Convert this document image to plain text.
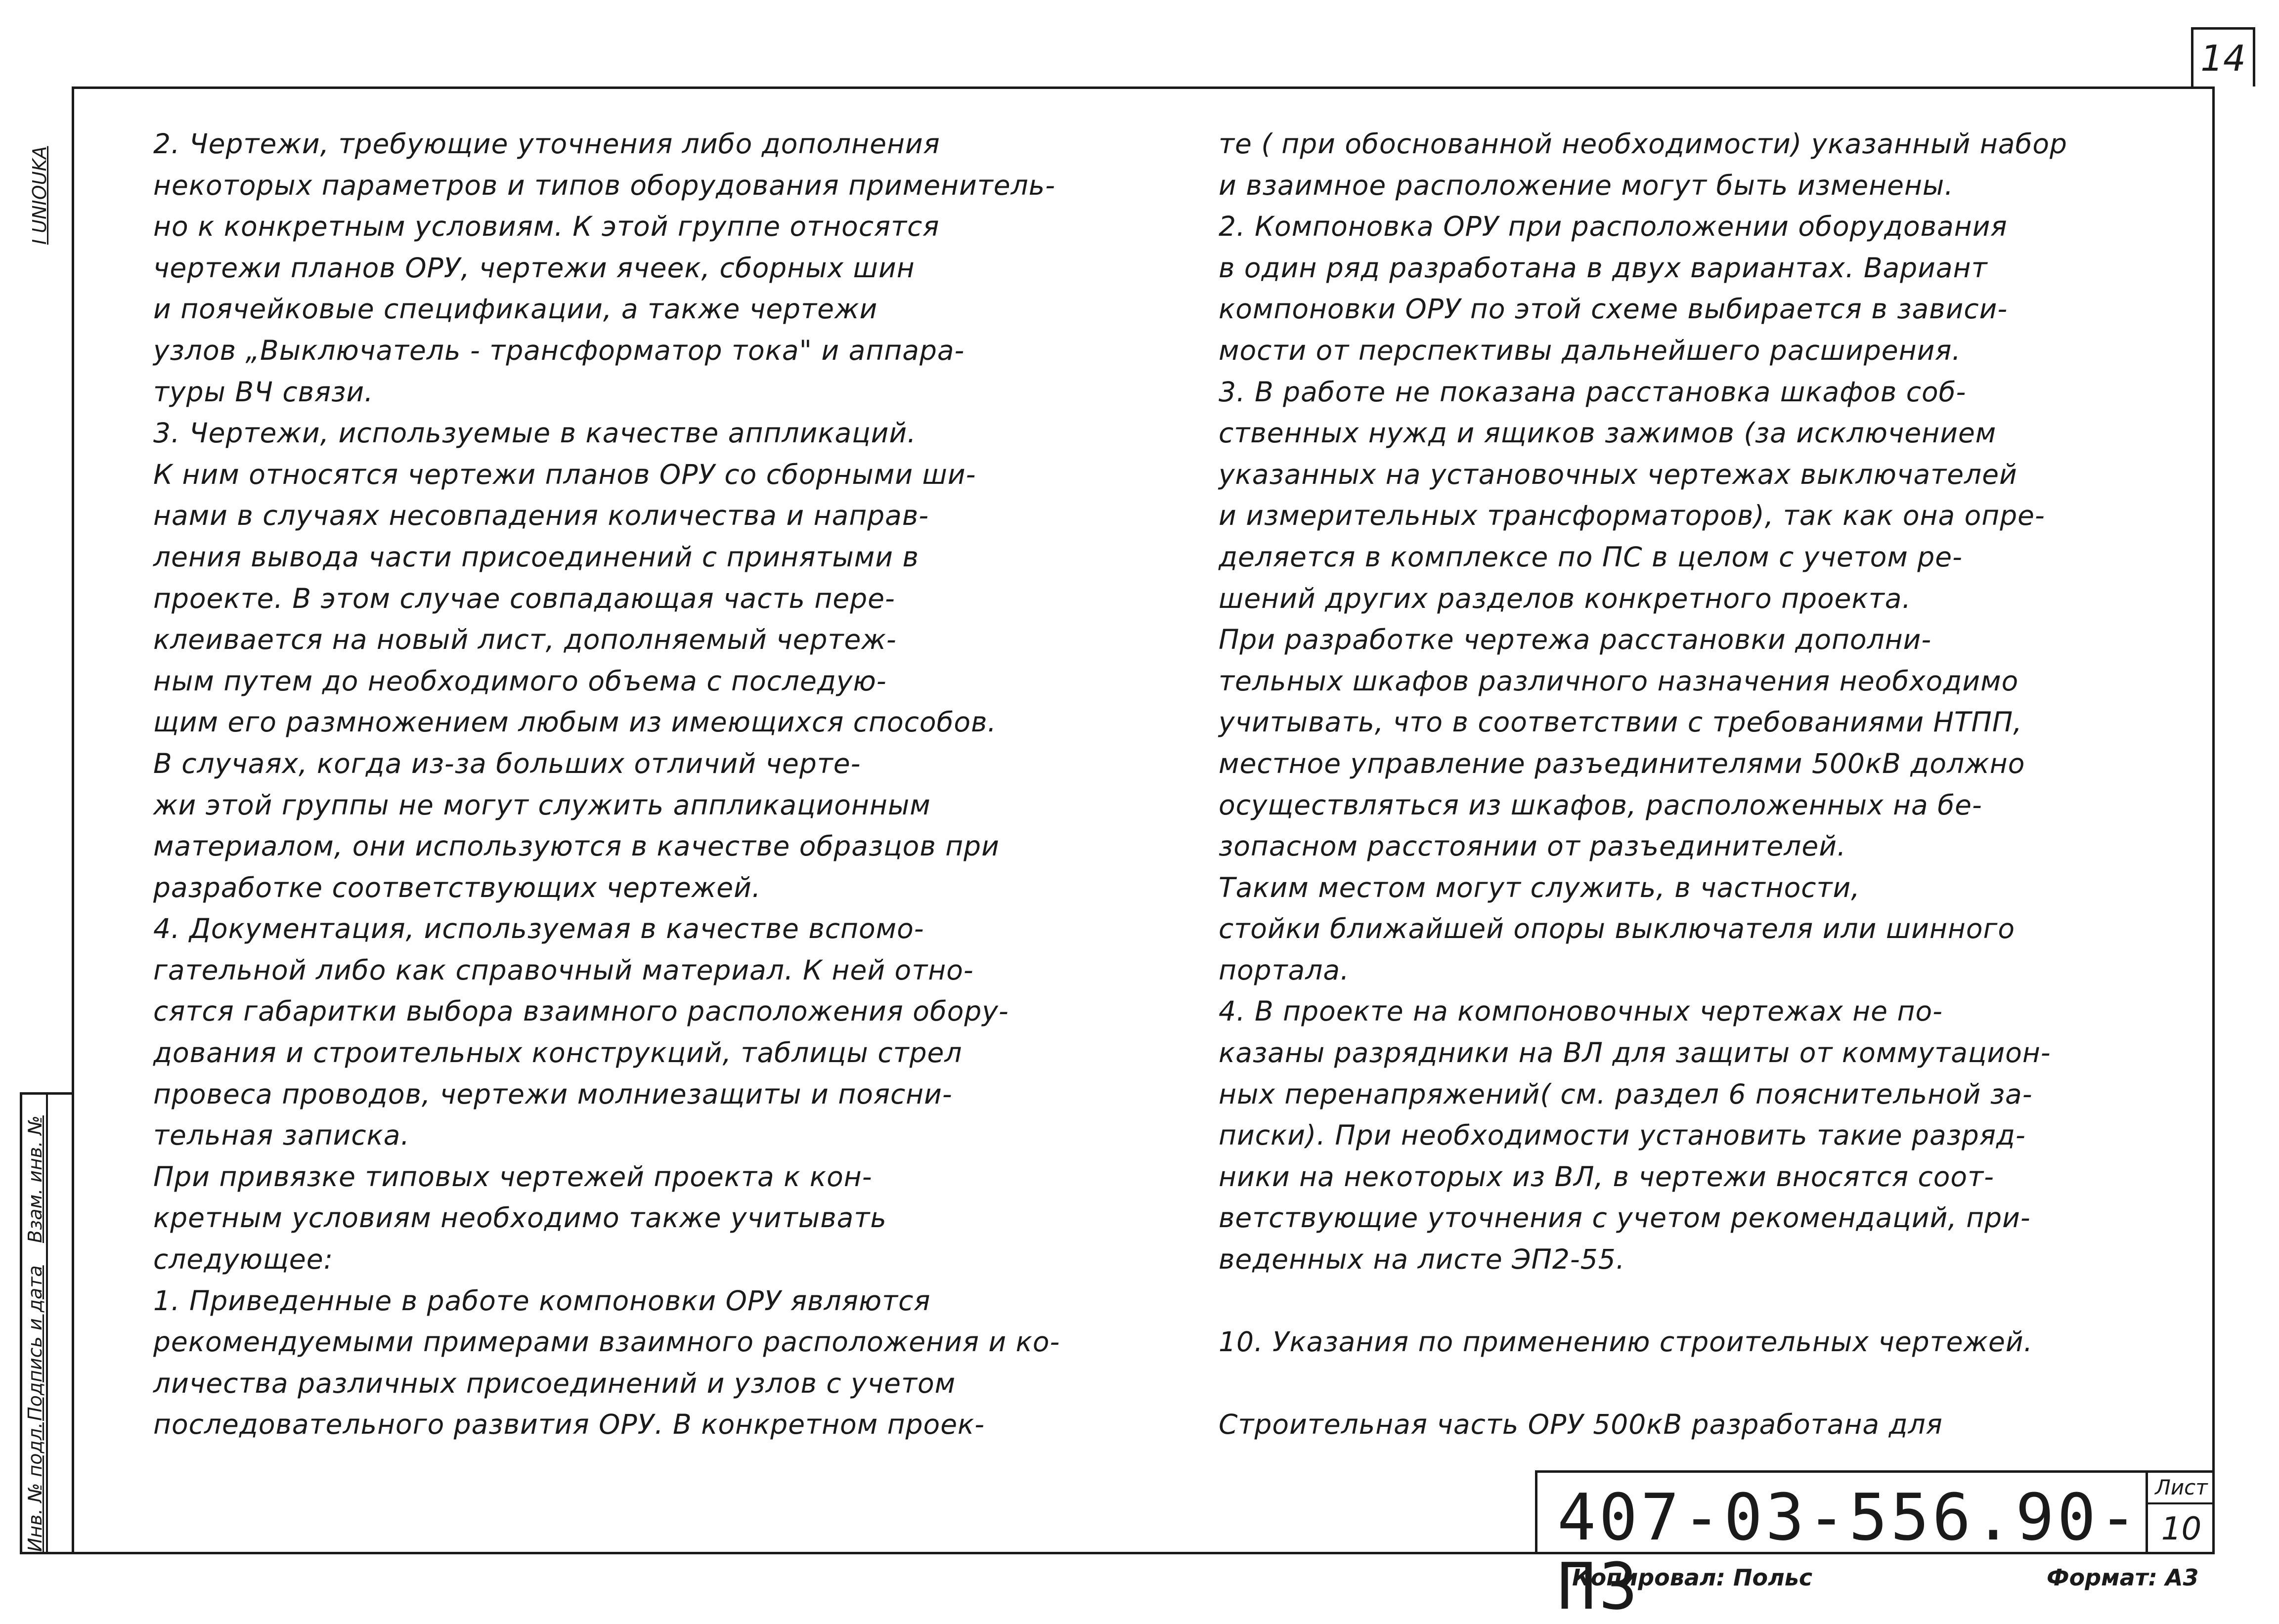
14
I UNIOUKA
Инв. № подл.
Подпись и дата
Взам. инв. №
2. Чертежи, требующие уточнения либо дополнения
некоторых параметров и типов оборудования применитель-
но к конкретным условиям. К этой группе относятся
чертежи планов ОРУ, чертежи ячеек, сборных шин
и поячейковые спецификации, а также чертежи
узлов „Выключатель - трансформатор тока" и аппара-
туры ВЧ связи.
3. Чертежи, используемые в качестве аппликаций.
К ним относятся чертежи планов ОРУ со сборными ши-
нами в случаях несовпадения количества и направ-
ления вывода части присоединений с принятыми в
проекте. В этом случае совпадающая часть пере-
клеивается на новый лист, дополняемый чертеж-
ным путем до необходимого объема с последую-
щим его размножением любым из имеющихся способов.
В случаях, когда из-за больших отличий черте-
жи этой группы не могут служить аппликационным
материалом, они используются в качестве образцов при
разработке соответствующих чертежей.
4. Документация, используемая в качестве вспомо-
гательной либо как справочный материал. К ней отно-
сятся габаритки выбора взаимного расположения обору-
дования и строительных конструкций, таблицы стрел
провеса проводов, чертежи молниезащиты и поясни-
тельная записка.
При привязке типовых чертежей проекта к кон-
кретным условиям необходимо также учитывать
следующее:
1. Приведенные в работе компоновки ОРУ являются
рекомендуемыми примерами взаимного расположения и ко-
личества различных присоединений и узлов с учетом
последовательного развития ОРУ. В конкретном проек-
те ( при обоснованной необходимости) указанный набор
и взаимное расположение могут быть изменены.
2. Компоновка ОРУ при расположении оборудования
в один ряд разработана в двух вариантах. Вариант
компоновки ОРУ по этой схеме выбирается в зависи-
мости от перспективы дальнейшего расширения.
3. В работе не показана расстановка шкафов соб-
ственных нужд и ящиков зажимов (за исключением
указанных на установочных чертежах выключателей
и измерительных трансформаторов), так как она опре-
деляется в комплексе по ПС в целом с учетом ре-
шений других разделов конкретного проекта.
При разработке чертежа расстановки дополни-
тельных шкафов различного назначения необходимо
учитывать, что в соответствии с требованиями НТПП,
местное управление разъединителями 500кВ должно
осуществляться из шкафов, расположенных на бе-
зопасном расстоянии от разъединителей.
Таким местом могут служить, в частности,
стойки ближайшей опоры выключателя или шинного
портала.
4. В проекте на компоновочных чертежах не по-
казаны разрядники на ВЛ для защиты от коммутацион-
ных перенапряжений( см. раздел 6 пояснительной за-
писки). При необходимости установить такие разряд-
ники на некоторых из ВЛ, в чертежи вносятся соот-
ветствующие уточнения с учетом рекомендаций, при-
веденных на листе ЭП2-55.

10. Указания по применению строительных чертежей.

Строительная часть ОРУ 500кВ разработана для
407-03-556.90-П3
Лист
10
Копировал: Польс	Формат: А3
